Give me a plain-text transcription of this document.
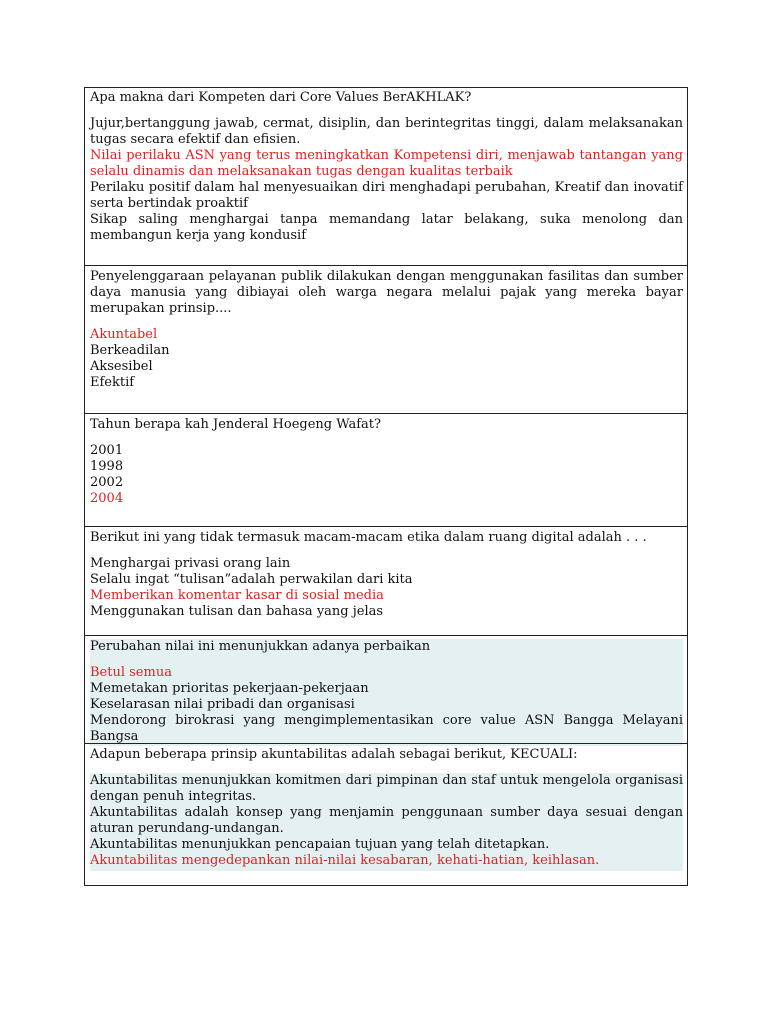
Apa makna dari Kompeten dari Core Values BerAKHLAK?

Jujur,bertanggung jawab, cermat, disiplin, dan berintegritas tinggi, dalam melaksanakan tugas secara efektif dan efisien.

Nilai perilaku ASN yang terus meningkatkan Kompetensi diri, menjawab tantangan yang selalu dinamis dan melaksanakan tugas dengan kualitas terbaik

Perilaku positif dalam hal menyesuaikan diri menghadapi perubahan, Kreatif dan inovatif serta bertindak proaktif

Sikap saling menghargai tanpa memandang latar belakang, suka menolong dan membangun kerja yang kondusif

Penyelenggaraan pelayanan publik dilakukan dengan menggunakan fasilitas dan sumber daya manusia yang dibiayai oleh warga negara melalui pajak yang mereka bayar merupakan prinsip....

Akuntabel

Berkeadilan

Aksesibel

Efektif

Tahun berapa kah Jenderal Hoegeng Wafat?

2001

1998

2002

2004

Berikut ini yang tidak termasuk macam-macam etika dalam ruang digital adalah . . .

Menghargai privasi orang lain

Selalu ingat “tulisan”adalah perwakilan dari kita

Memberikan komentar kasar di sosial media

Menggunakan tulisan dan bahasa yang jelas

Perubahan nilai ini menunjukkan adanya perbaikan

Betul semua

Memetakan prioritas pekerjaan-pekerjaan

Keselarasan nilai pribadi dan organisasi

Mendorong birokrasi yang mengimplementasikan core value ASN Bangga Melayani Bangsa

Adapun beberapa prinsip akuntabilitas adalah sebagai berikut, KECUALI:

Akuntabilitas menunjukkan komitmen dari pimpinan dan staf untuk mengelola organisasi dengan penuh integritas.

Akuntabilitas adalah konsep yang menjamin penggunaan sumber daya sesuai dengan aturan perundang-undangan.

Akuntabilitas menunjukkan pencapaian tujuan yang telah ditetapkan.

Akuntabilitas mengedepankan nilai-nilai kesabaran, kehati-hatian, keihlasan.
